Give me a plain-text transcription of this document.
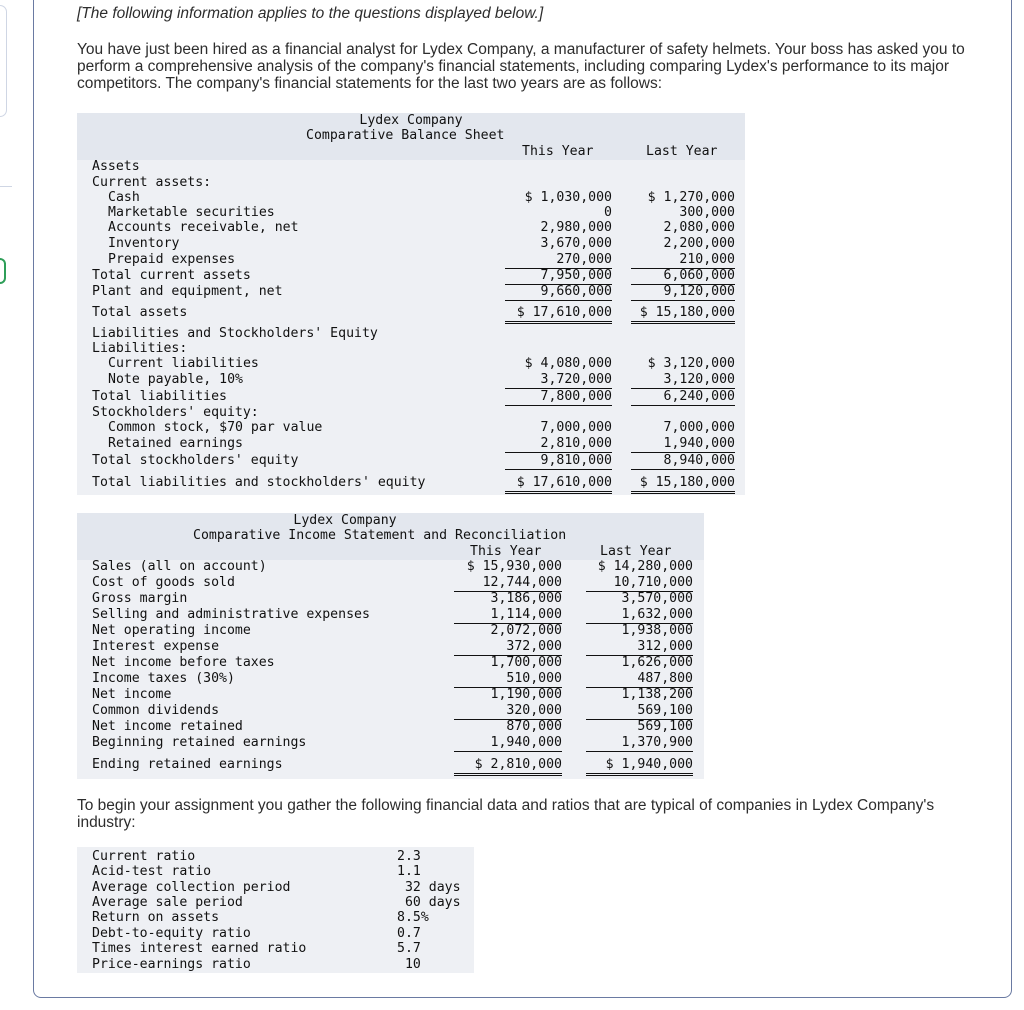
[The following information applies to the questions displayed below.]

You have just been hired as a financial analyst for Lydex Company, a manufacturer of safety helmets. Your boss has asked you to perform a comprehensive analysis of the company's financial statements, including comparing Lydex's performance to its major competitors. The company's financial statements for the last two years are as follows:

Lydex Company
Comparative Balance Sheet
This Year	Last Year
Assets
Current assets:
Cash	$ 1,030,000	$ 1,270,000
Marketable securities	0	300,000
Accounts receivable, net	2,980,000	2,080,000
Inventory	3,670,000	2,200,000
Prepaid expenses	270,000	210,000
Total current assets	7,950,000	6,060,000
Plant and equipment, net	9,660,000	9,120,000
Total assets	$ 17,610,000	$ 15,180,000
Liabilities and Stockholders' Equity
Liabilities:
Current liabilities	$ 4,080,000	$ 3,120,000
Note payable, 10%	3,720,000	3,120,000
Total liabilities	7,800,000	6,240,000
Stockholders' equity:
Common stock, $70 par value	7,000,000	7,000,000
Retained earnings	2,810,000	1,940,000
Total stockholders' equity	9,810,000	8,940,000
Total liabilities and stockholders' equity	$ 17,610,000	$ 15,180,000
Lydex Company
Comparative Income Statement and Reconciliation
This Year	Last Year
Sales (all on account)	$ 15,930,000	$ 14,280,000
Cost of goods sold	12,744,000	10,710,000
Gross margin	3,186,000	3,570,000
Selling and administrative expenses	1,114,000	1,632,000
Net operating income	2,072,000	1,938,000
Interest expense	372,000	312,000
Net income before taxes	1,700,000	1,626,000
Income taxes (30%)	510,000	487,800
Net income	1,190,000	1,138,200
Common dividends	320,000	569,100
Net income retained	870,000	569,100
Beginning retained earnings	1,940,000	1,370,900
Ending retained earnings	$ 2,810,000	$ 1,940,000

To begin your assignment you gather the following financial data and ratios that are typical of companies in Lydex Company's industry:

Current ratio	2.3
Acid-test ratio	1.1
Average collection period	32 days
Average sale period	60 days
Return on assets	8.5%
Debt-to-equity ratio	0.7
Times interest earned ratio	5.7
Price-earnings ratio	10
